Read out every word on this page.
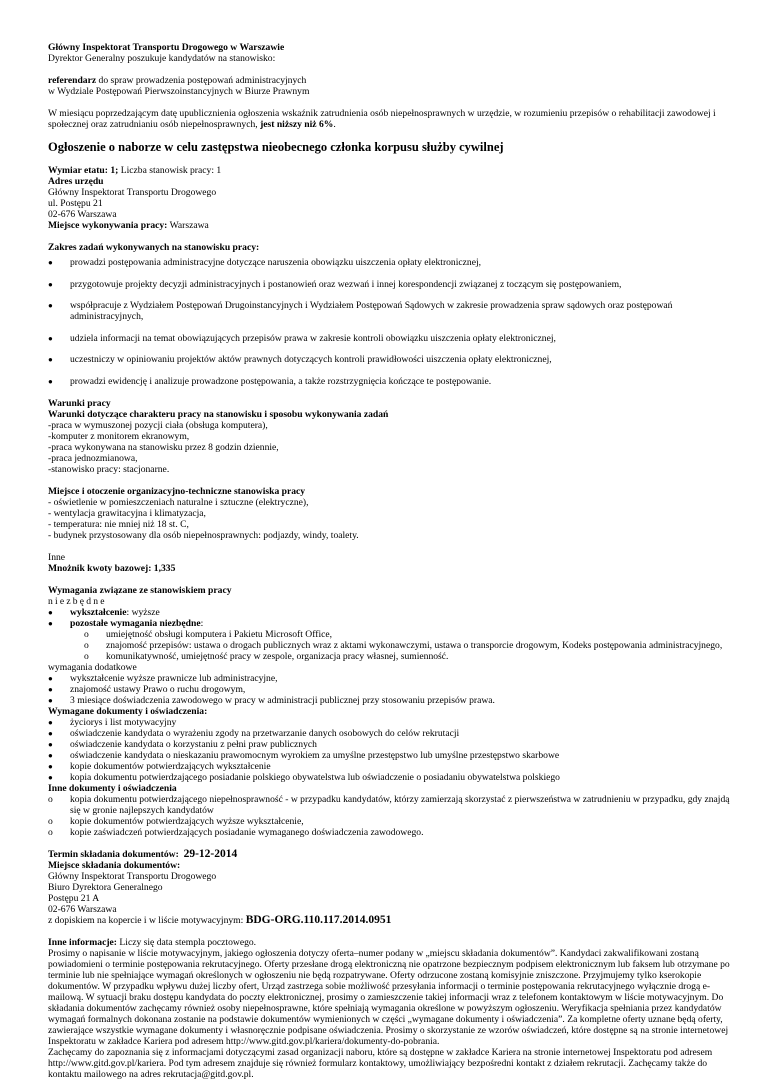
Główny Inspektorat Transportu Drogowego w Warszawie

Dyrektor Generalny poszukuje kandydatów na stanowisko:

referendarz do spraw prowadzenia postępowań administracyjnych

w Wydziale Postępowań Pierwszoinstancyjnych w Biurze Prawnym

W miesiącu poprzedzającym datę upublicznienia ogłoszenia wskaźnik zatrudnienia osób niepełnosprawnych w urzędzie, w rozumieniu przepisów o rehabilitacji zawodowej i społecznej oraz zatrudnianiu osób niepełnosprawnych, jest niższy niż 6%.

Ogłoszenie o naborze w celu zastępstwa nieobecnego członka korpusu służby cywilnej

Wymiar etatu: 1; Liczba stanowisk pracy: 1

Adres urzędu

Główny Inspektorat Transportu Drogowego

ul. Postępu 21

02-676 Warszawa

Miejsce wykonywania pracy: Warszawa

Zakres zadań wykonywanych na stanowisku pracy:

● prowadzi postępowania administracyjne dotyczące naruszenia obowiązku uiszczenia opłaty elektronicznej,
● przygotowuje projekty decyzji administracyjnych i postanowień oraz wezwań i innej korespondencji związanej z toczącym się postępowaniem,
● współpracuje z Wydziałem Postępowań Drugoinstancyjnych i Wydziałem Postępowań Sądowych w zakresie prowadzenia spraw sądowych oraz postępowań administracyjnych,
● udziela informacji na temat obowiązujących przepisów prawa w zakresie kontroli obowiązku uiszczenia opłaty elektronicznej,
● uczestniczy w opiniowaniu projektów aktów prawnych dotyczących kontroli prawidłowości uiszczenia opłaty elektronicznej,
● prowadzi ewidencję i analizuje prowadzone postępowania, a także rozstrzygnięcia kończące te postępowanie.

Warunki pracy

Warunki dotyczące charakteru pracy na stanowisku i sposobu wykonywania zadań

-praca w wymuszonej pozycji ciała (obsługa komputera),

-komputer z monitorem ekranowym,

-praca wykonywana na stanowisku przez 8 godzin dziennie,

-praca jednozmianowa,

-stanowisko pracy: stacjonarne.

Miejsce i otoczenie organizacyjno-techniczne stanowiska pracy

- oświetlenie w pomieszczeniach naturalne i sztuczne (elektryczne),

- wentylacja grawitacyjna i klimatyzacja,

- temperatura: nie mniej niż 18 st. C,

- budynek przystosowany dla osób niepełnosprawnych: podjazdy, windy, toalety.

Inne

Mnożnik kwoty bazowej: 1,335

Wymagania związane ze stanowiskiem pracy

niezbędne

● wykształcenie: wyższe
● pozostałe wymagania niezbędne:
o umiejętność obsługi komputera i Pakietu Microsoft Office,
o znajomość przepisów: ustawa o drogach publicznych wraz z aktami wykonawczymi, ustawa o transporcie drogowym, Kodeks postępowania administracyjnego,
o komunikatywność, umiejętność pracy w zespole, organizacja pracy własnej, sumienność.

wymagania dodatkowe

● wykształcenie wyższe prawnicze lub administracyjne,
● znajomość ustawy Prawo o ruchu drogowym,
● 3 miesiące doświadczenia zawodowego w pracy w administracji publicznej przy stosowaniu przepisów prawa.

Wymagane dokumenty i oświadczenia:

● życiorys i list motywacyjny
● oświadczenie kandydata o wyrażeniu zgody na przetwarzanie danych osobowych do celów rekrutacji
● oświadczenie kandydata o korzystaniu z pełni praw publicznych
● oświadczenie kandydata o nieskazaniu prawomocnym wyrokiem za umyślne przestępstwo lub umyślne przestępstwo skarbowe
● kopie dokumentów potwierdzających wykształcenie
● kopia dokumentu potwierdzającego posiadanie polskiego obywatelstwa lub oświadczenie o posiadaniu obywatelstwa polskiego

Inne dokumenty i oświadczenia

o kopia dokumentu potwierdzającego niepełnosprawność - w przypadku kandydatów, którzy zamierzają skorzystać z pierwszeństwa w zatrudnieniu w przypadku, gdy znajdą się w gronie najlepszych kandydatów
o kopie dokumentów potwierdzających wyższe wykształcenie,
o kopie zaświadczeń potwierdzających posiadanie wymaganego doświadczenia zawodowego.

Termin składania dokumentów: 29-12-2014

Miejsce składania dokumentów:

Główny Inspektorat Transportu Drogowego

Biuro Dyrektora Generalnego

Postępu 21 A

02-676 Warszawa

z dopiskiem na kopercie i w liście motywacyjnym: BDG-ORG.110.117.2014.0951

Inne informacje: Liczy się data stempla pocztowego.

Prosimy o napisanie w liście motywacyjnym, jakiego ogłoszenia dotyczy oferta–numer podany w „miejscu składania dokumentów”. Kandydaci zakwalifikowani zostaną powiadomieni o terminie postępowania rekrutacyjnego. Oferty przesłane drogą elektroniczną nie opatrzone bezpiecznym podpisem elektronicznym lub faksem lub otrzymane po terminie lub nie spełniające wymagań określonych w ogłoszeniu nie będą rozpatrywane. Oferty odrzucone zostaną komisyjnie zniszczone. Przyjmujemy tylko kserokopie dokumentów. W przypadku wpływu dużej liczby ofert, Urząd zastrzega sobie możliwość przesyłania informacji o terminie postępowania rekrutacyjnego wyłącznie drogą e-mailową. W sytuacji braku dostępu kandydata do poczty elektronicznej, prosimy o zamieszczenie takiej informacji wraz z telefonem kontaktowym w liście motywacyjnym. Do składania dokumentów zachęcamy również osoby niepełnosprawne, które spełniają wymagania określone w powyższym ogłoszeniu. Weryfikacja spełniania przez kandydatów wymagań formalnych dokonana zostanie na podstawie dokumentów wymienionych w części „wymagane dokumenty i oświadczenia”. Za kompletne oferty uznane będą oferty, zawierające wszystkie wymagane dokumenty i własnoręcznie podpisane oświadczenia. Prosimy o skorzystanie ze wzorów oświadczeń, które dostępne są na stronie internetowej Inspektoratu w zakładce Kariera pod adresem http://www.gitd.gov.pl/kariera/dokumenty-do-pobrania.

Zachęcamy do zapoznania się z informacjami dotyczącymi zasad organizacji naboru, które są dostępne w zakładce Kariera na stronie internetowej Inspektoratu pod adresem http://www.gitd.gov.pl/kariera. Pod tym adresem znajduje się również formularz kontaktowy, umożliwiający bezpośredni kontakt z działem rekrutacji. Zachęcamy także do kontaktu mailowego na adres rekrutacja@gitd.gov.pl.
